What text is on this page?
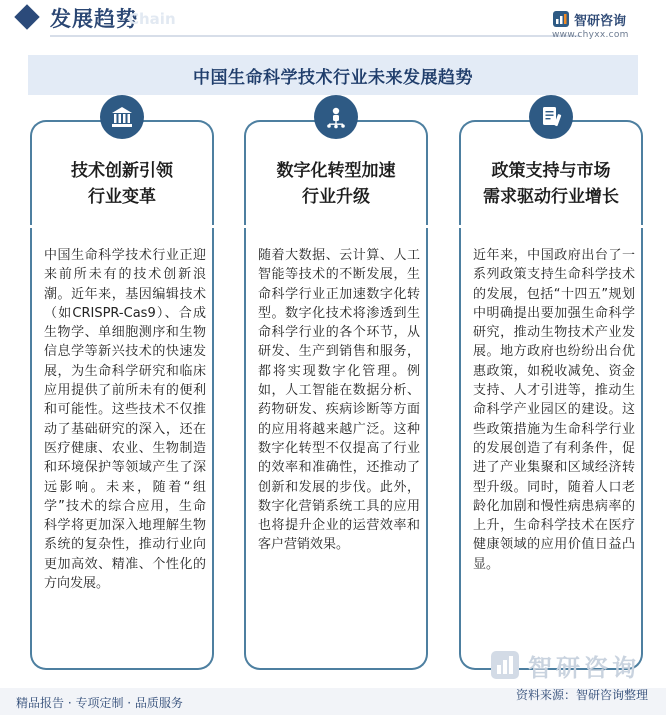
发展趋势
Chain	智研咨询
www.chyxx.com
中国生命科学技术行业未来发展趋势
技术创新引领
行业变革
中国生命科学技术行业正迎来前所未有的技术创新浪潮。近年来，基因编辑技术（如CRISPR-Cas9）、合成生物学、单细胞测序和生物信息学等新兴技术的快速发展，为生命科学研究和临床应用提供了前所未有的便利和可能性。这些技术不仅推动了基础研究的深入，还在医疗健康、农业、生物制造和环境保护等领域产生了深远影响。未来，随着“组学”技术的综合应用，生命科学将更加深入地理解生物系统的复杂性，推动行业向更加高效、精准、个性化的方向发展。
数字化转型加速
行业升级
随着大数据、云计算、人工智能等技术的不断发展，生命科学行业正加速数字化转型。数字化技术将渗透到生命科学行业的各个环节，从研发、生产到销售和服务，都将实现数字化管理。例如，人工智能在数据分析、药物研发、疾病诊断等方面的应用将越来越广泛。这种数字化转型不仅提高了行业的效率和准确性，还推动了创新和发展的步伐。此外，数字化营销系统工具的应用也将提升企业的运营效率和客户营销效果。
政策支持与市场
需求驱动行业增长
近年来，中国政府出台了一系列政策支持生命科学技术的发展，包括“十四五”规划中明确提出要加强生命科学研究，推动生物技术产业发展。地方政府也纷纷出台优惠政策，如税收减免、资金支持、人才引进等，推动生命科学产业园区的建设。这些政策措施为生命科学行业的发展创造了有利条件，促进了产业集聚和区域经济转型升级。同时，随着人口老龄化加剧和慢性病患病率的上升，生命科学技术在医疗健康领域的应用价值日益凸显。
智研咨询
精品报告 · 专项定制 · 品质服务
资料来源：智研咨询整理
